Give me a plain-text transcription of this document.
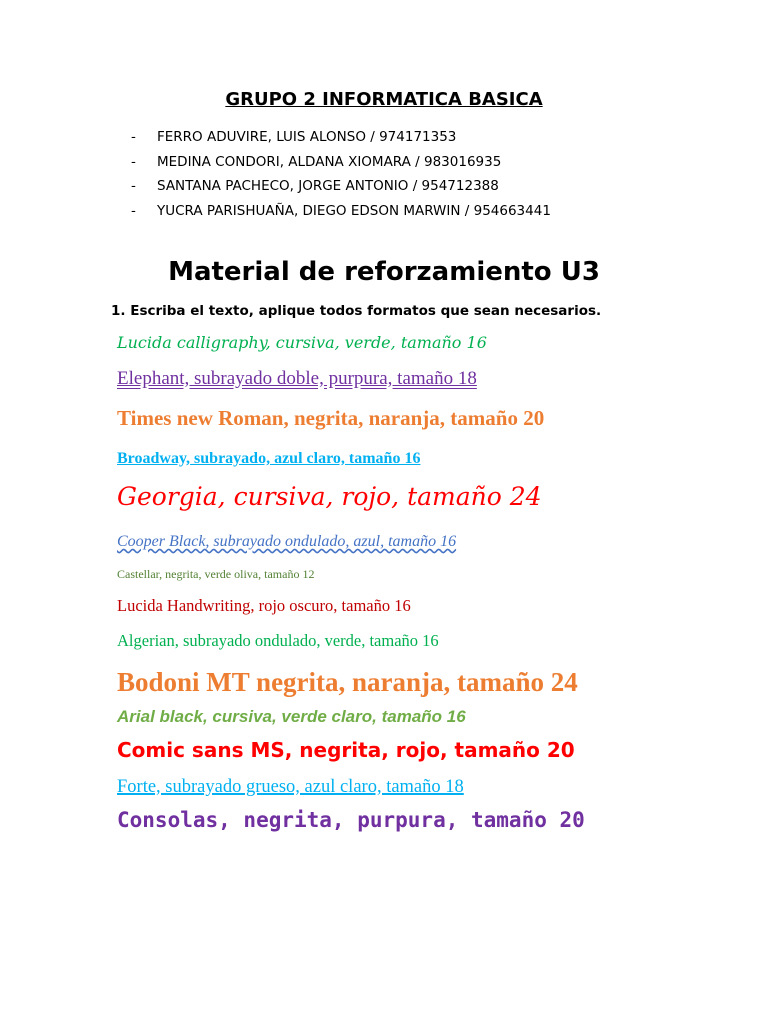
GRUPO 2 INFORMATICA BASICA
- FERRO ADUVIRE, LUIS ALONSO / 974171353
- MEDINA CONDORI, ALDANA XIOMARA / 983016935
- SANTANA PACHECO, JORGE ANTONIO / 954712388
- YUCRA PARISHUAÑA, DIEGO EDSON MARWIN / 954663441
Material de reforzamiento U3
1. Escriba el texto, aplique todos formatos que sean necesarios.
Lucida calligraphy, cursiva, verde, tamaño 16
Elephant, subrayado doble, purpura, tamaño 18
Times new Roman, negrita, naranja, tamaño 20
Broadway, subrayado, azul claro, tamaño 16
Georgia, cursiva, rojo, tamaño 24
Cooper Black, subrayado ondulado, azul, tamaño 16
Castellar, negrita, verde oliva, tamaño 12
Lucida Handwriting, rojo oscuro, tamaño 16
Algerian, subrayado ondulado, verde, tamaño 16
Bodoni MT negrita, naranja, tamaño 24
Arial black, cursiva, verde claro, tamaño 16
Comic sans MS, negrita, rojo, tamaño 20
Forte, subrayado grueso, azul claro, tamaño 18
Consolas, negrita, purpura, tamaño 20
